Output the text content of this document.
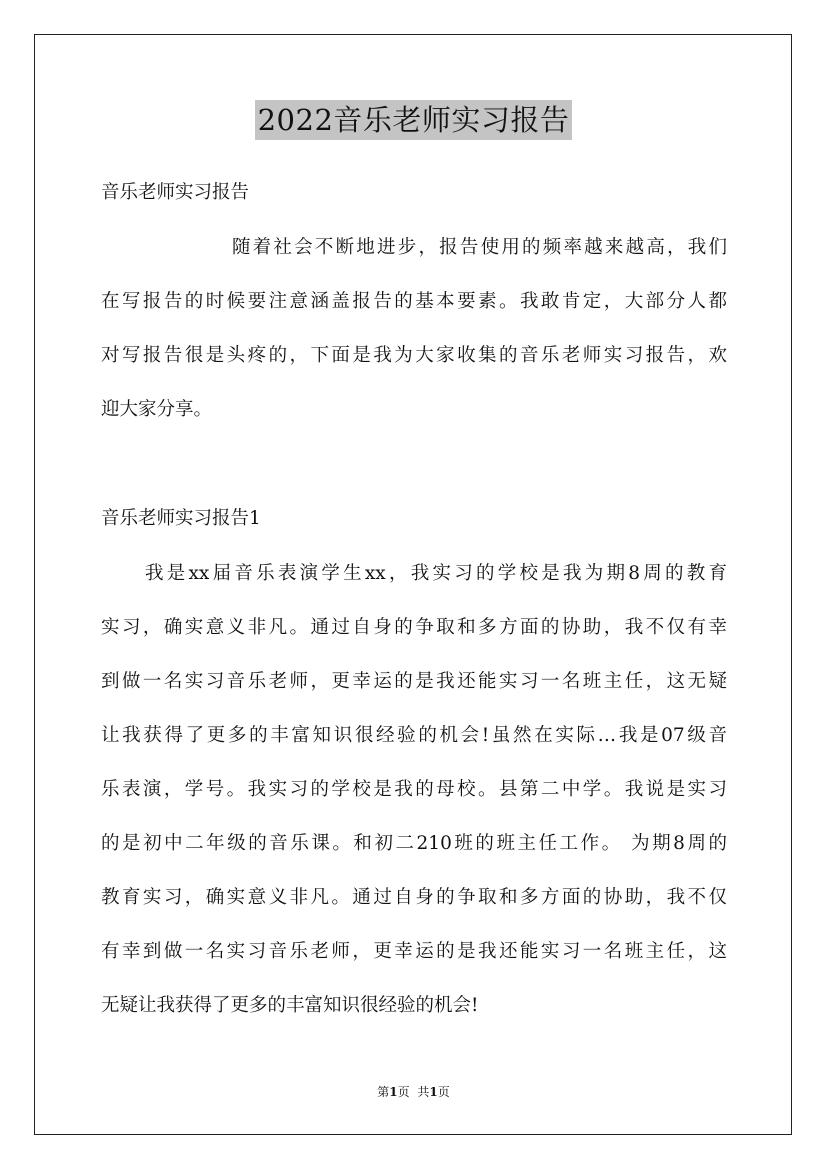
2022音乐老师实习报告
音乐老师实习报告
随着社会不断地进步，报告使用的频率越来越高，我们
在写报告的时候要注意涵盖报告的基本要素。我敢肯定，大部分人都
对写报告很是头疼的，下面是我为大家收集的音乐老师实习报告，欢
迎大家分享。
音乐老师实习报告1
我是xx届音乐表演学生xx，我实习的学校是我为期8周的教育
实习，确实意义非凡。通过自身的争取和多方面的协助，我不仅有幸
到做一名实习音乐老师，更幸运的是我还能实习一名班主任，这无疑
让我获得了更多的丰富知识很经验的机会!虽然在实际…我是07级音
乐表演，学号。我实习的学校是我的母校。县第二中学。我说是实习
的是初中二年级的音乐课。和初二210班的班主任工作。 为期8周的
教育实习，确实意义非凡。通过自身的争取和多方面的协助，我不仅
有幸到做一名实习音乐老师，更幸运的是我还能实习一名班主任，这
无疑让我获得了更多的丰富知识很经验的机会!
第1页 共1页
